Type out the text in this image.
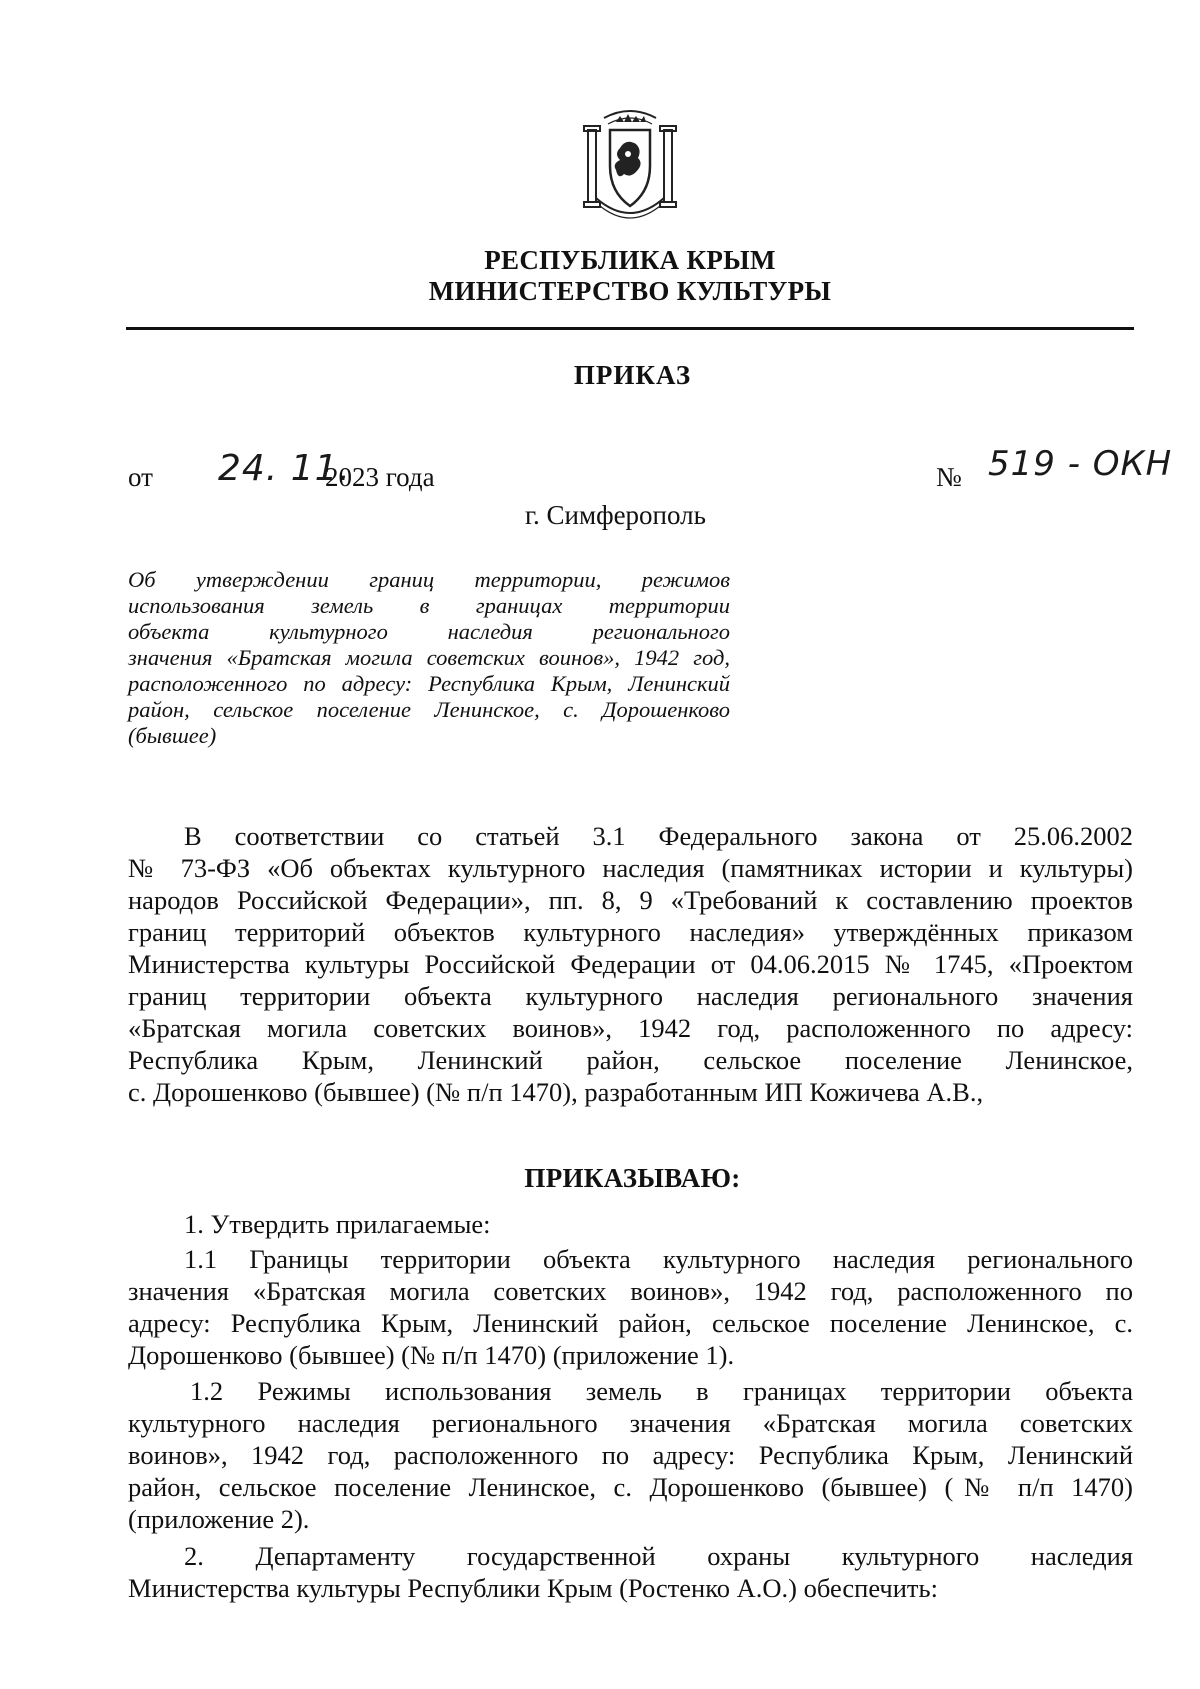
РЕСПУБЛИКА КРЫМ
МИНИСТЕРСТВО КУЛЬТУРЫ
ПРИКАЗ
от 24. 11.
2023 года	№ 519 - ОКН
г. Симферополь
Об утверждении границ территории, режимов
использования земель в границах территории
объекта культурного наследия регионального
значения «Братская могила советских воинов», 1942 год,
расположенного по адресу: Республика Крым, Ленинский
район, сельское поселение Ленинское, с. Дорошенково
(бывшее)
В соответствии со статьей 3.1 Федерального закона от 25.06.2002
№ 73-ФЗ «Об объектах культурного наследия (памятниках истории и культуры)
народов Российской Федерации», пп. 8, 9 «Требований к составлению проектов
границ территорий объектов культурного наследия» утверждённых приказом
Министерства культуры Российской Федерации от 04.06.2015 № 1745, «Проектом
границ территории объекта культурного наследия регионального значения
«Братская могила советских воинов», 1942 год, расположенного по адресу:
Республика Крым, Ленинский район, сельское поселение Ленинское,
с. Дорошенково (бывшее) (№ п/п 1470), разработанным ИП Кожичева А.В.,
ПРИКАЗЫВАЮ:
1. Утвердить прилагаемые:
1.1 Границы территории объекта культурного наследия регионального
значения «Братская могила советских воинов», 1942 год, расположенного по
адресу: Республика Крым, Ленинский район, сельское поселение Ленинское, с.
Дорошенково (бывшее) (№ п/п 1470) (приложение 1).
1.2 Режимы использования земель в границах территории объекта
культурного наследия регионального значения «Братская могила советских
воинов», 1942 год, расположенного по адресу: Республика Крым, Ленинский
район, сельское поселение Ленинское, с. Дорошенково (бывшее) (№ п/п 1470)
(приложение 2).
2. Департаменту государственной охраны культурного наследия
Министерства культуры Республики Крым (Ростенко А.О.) обеспечить:
